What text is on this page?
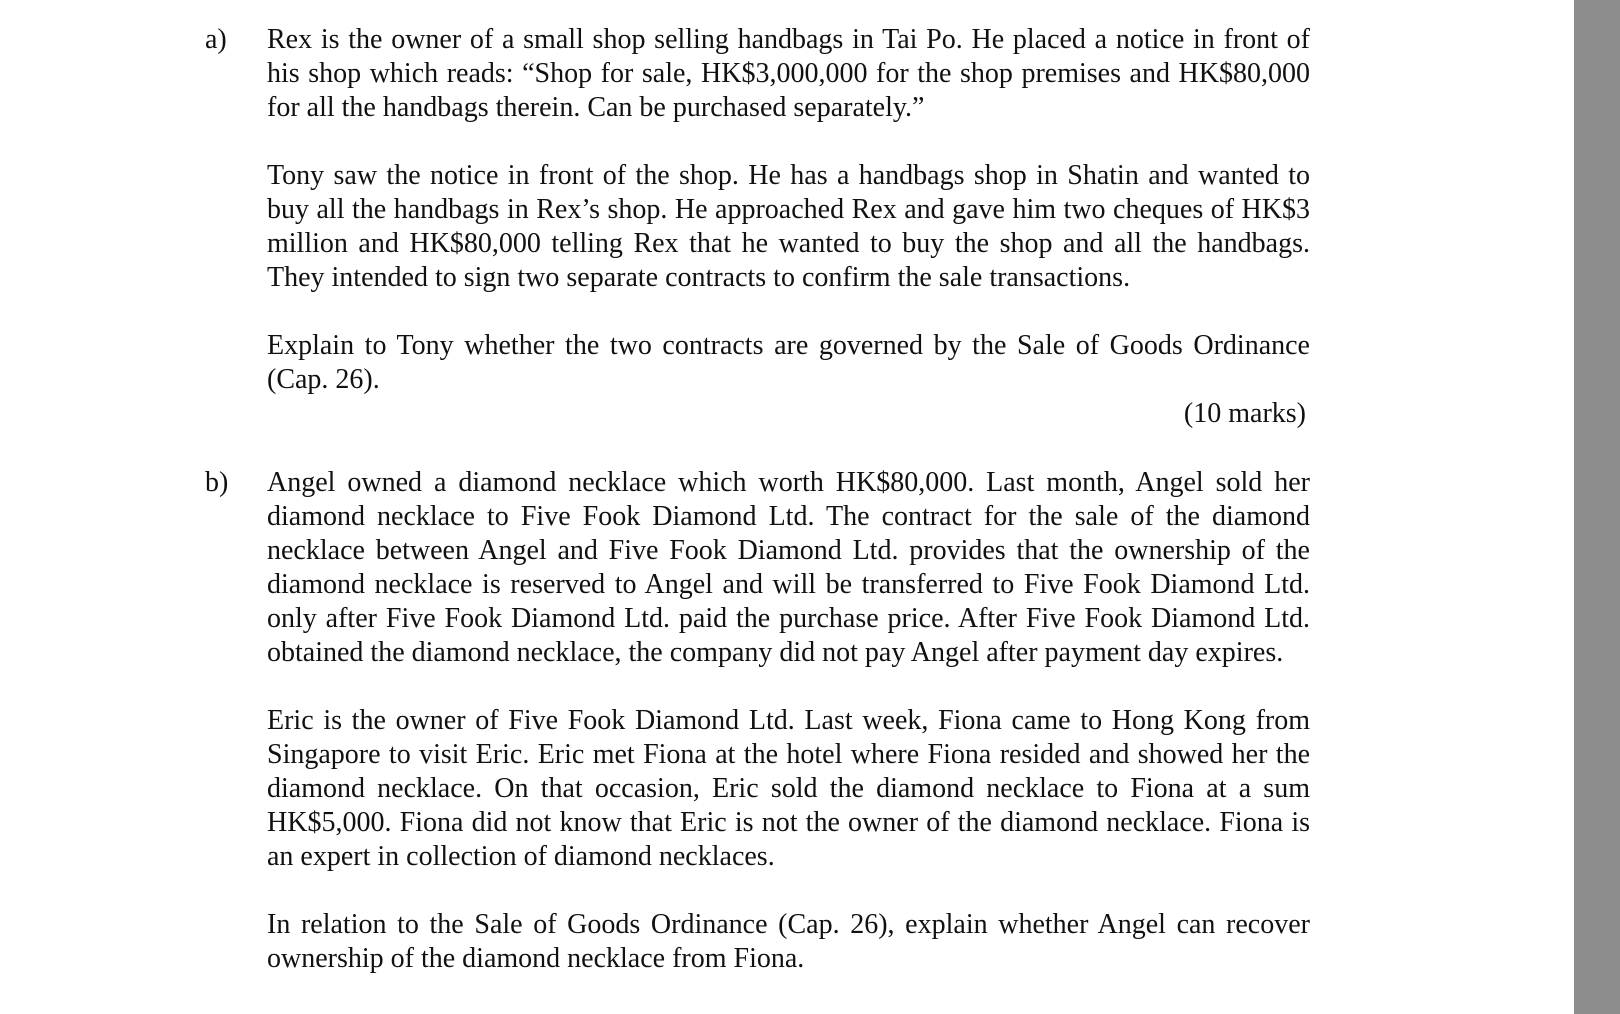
a) Rex is the owner of a small shop selling handbags in Tai Po. He placed a notice in front of his shop which reads: “Shop for sale, HK$3,000,000 for the shop premises and HK$80,000 for all the handbags therein. Can be purchased separately.”

Tony saw the notice in front of the shop. He has a handbags shop in Shatin and wanted to buy all the handbags in Rex’s shop. He approached Rex and gave him two cheques of HK$3 million and HK$80,000 telling Rex that he wanted to buy the shop and all the handbags. They intended to sign two separate contracts to confirm the sale transactions.

Explain to Tony whether the two contracts are governed by the Sale of Goods Ordinance (Cap. 26).

(10 marks)

b) Angel owned a diamond necklace which worth HK$80,000. Last month, Angel sold her diamond necklace to Five Fook Diamond Ltd. The contract for the sale of the diamond necklace between Angel and Five Fook Diamond Ltd. provides that the ownership of the diamond necklace is reserved to Angel and will be transferred to Five Fook Diamond Ltd. only after Five Fook Diamond Ltd. paid the purchase price. After Five Fook Diamond Ltd. obtained the diamond necklace, the company did not pay Angel after payment day expires.

Eric is the owner of Five Fook Diamond Ltd. Last week, Fiona came to Hong Kong from Singapore to visit Eric. Eric met Fiona at the hotel where Fiona resided and showed her the diamond necklace. On that occasion, Eric sold the diamond necklace to Fiona at a sum HK$5,000. Fiona did not know that Eric is not the owner of the diamond necklace. Fiona is an expert in collection of diamond necklaces.

In relation to the Sale of Goods Ordinance (Cap. 26), explain whether Angel can recover ownership of the diamond necklace from Fiona.
